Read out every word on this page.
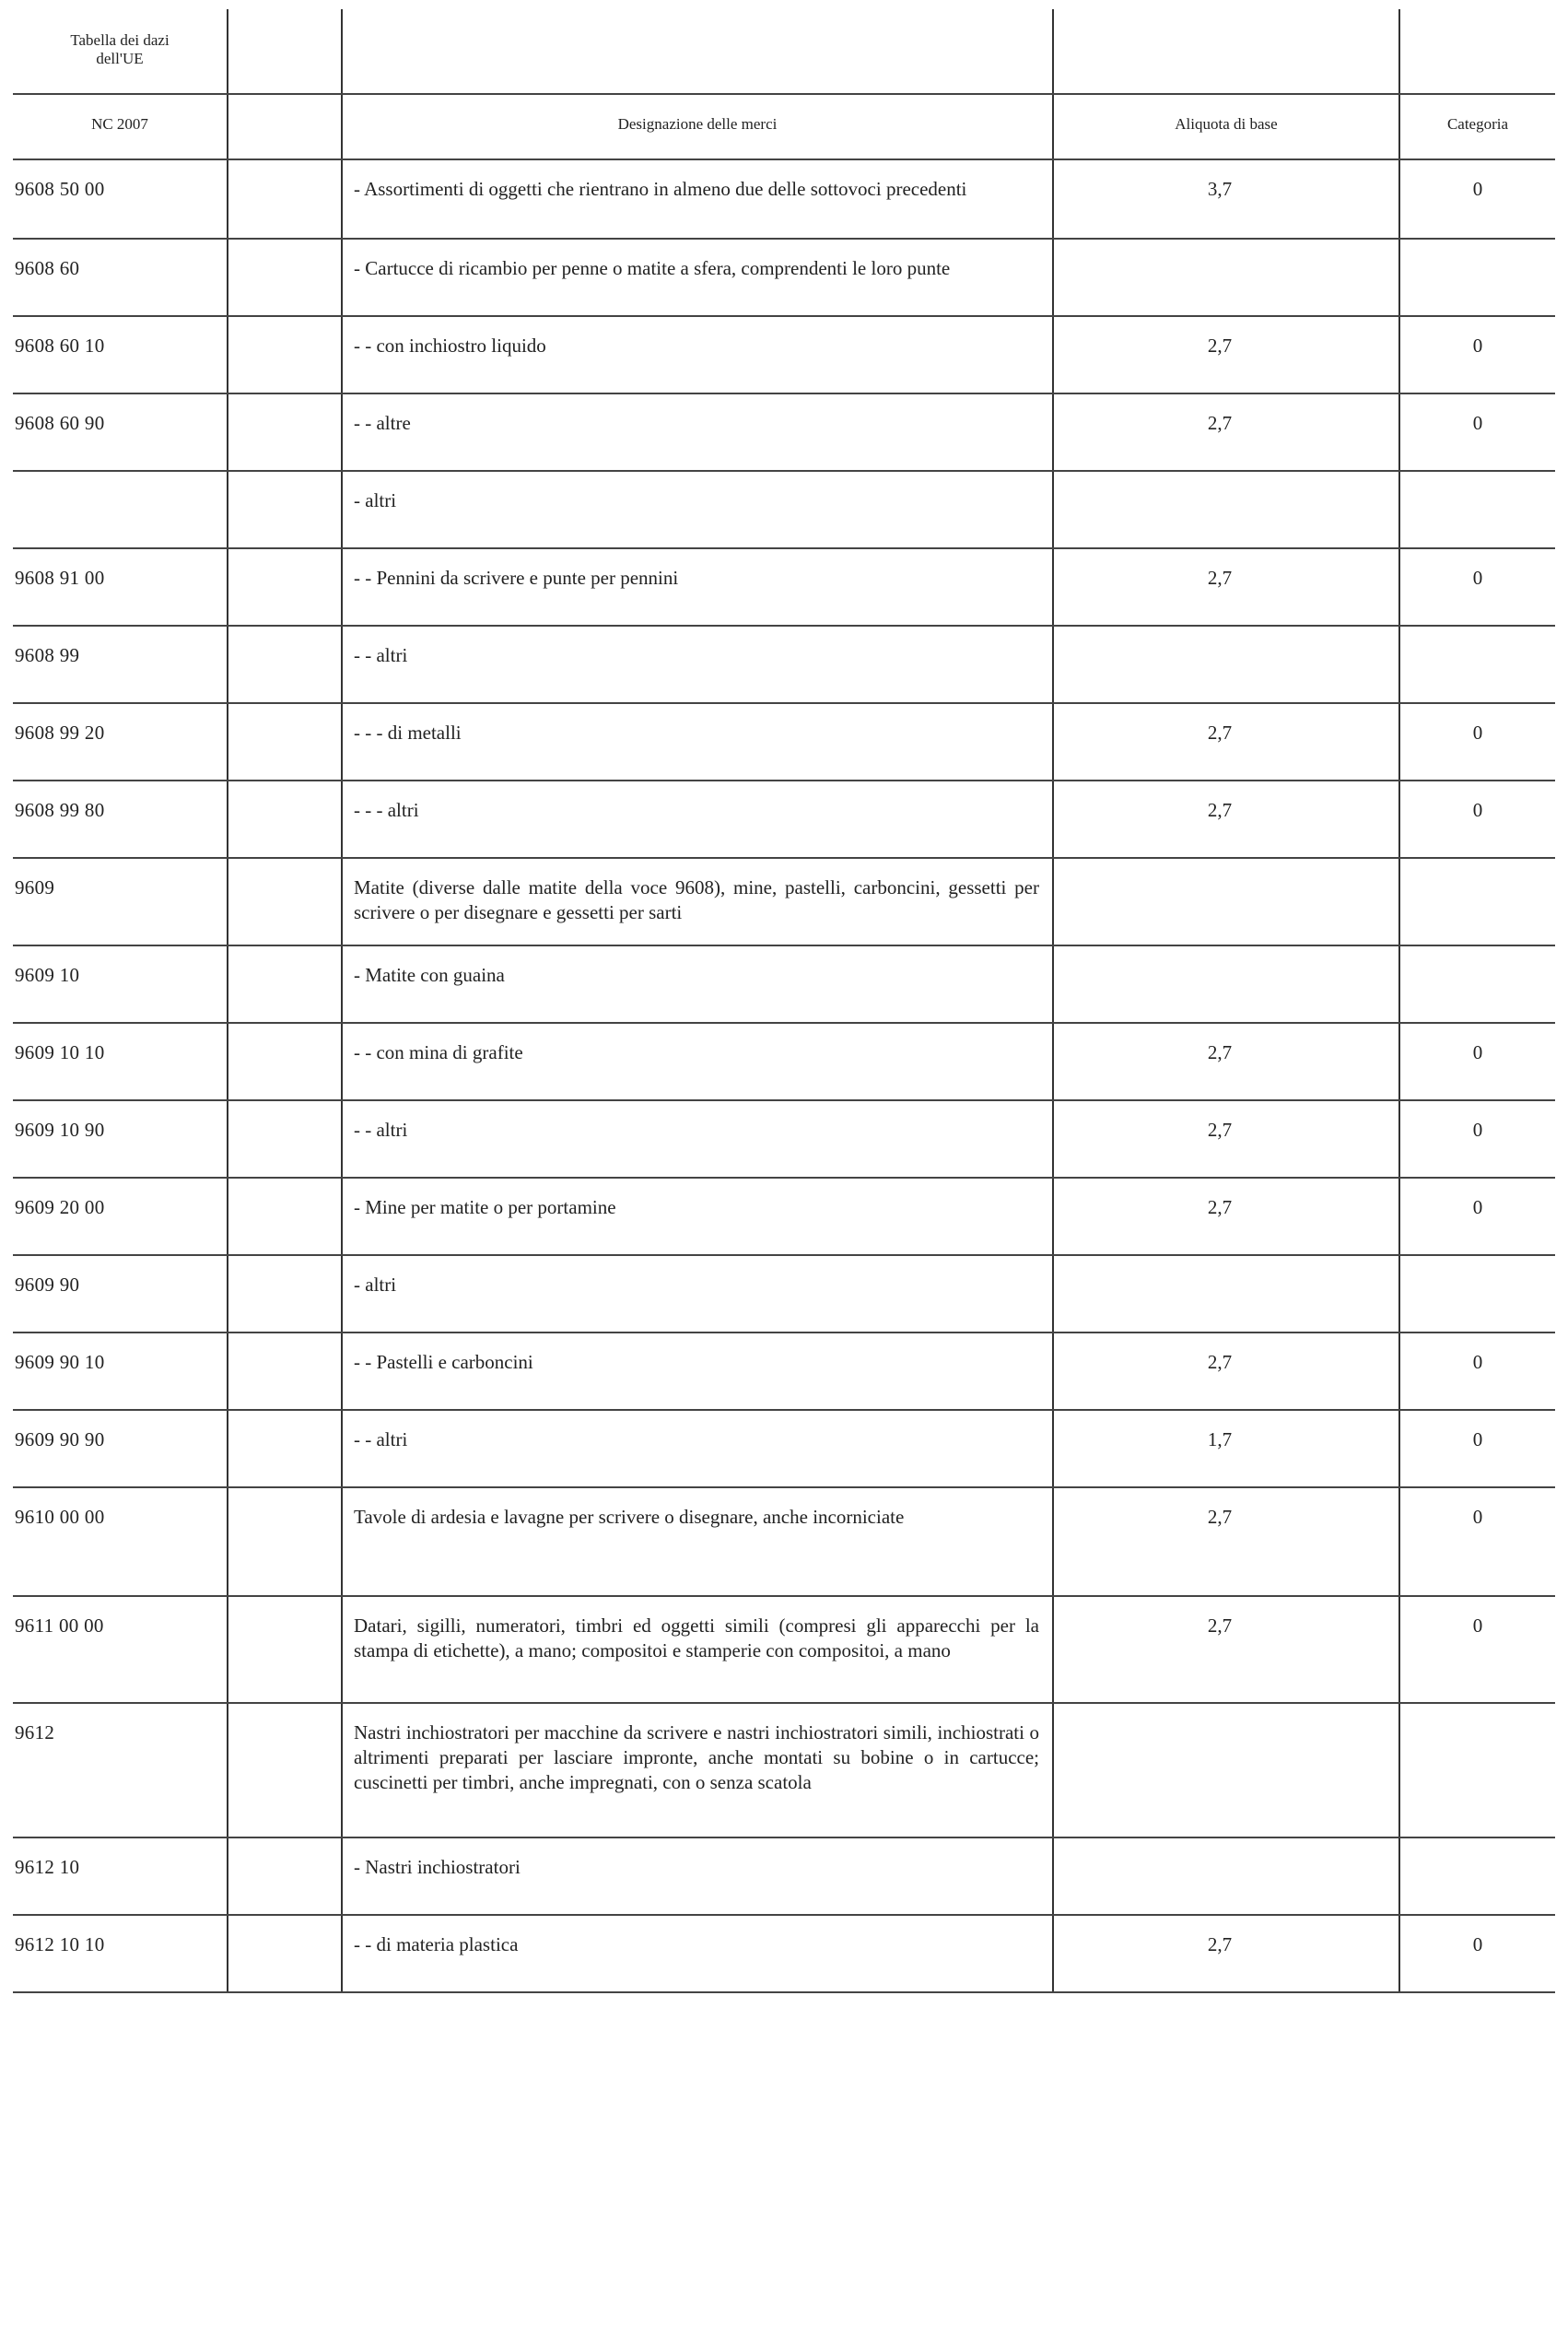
Tabella dei dazi dell'UE				

NC 2007		Designazione delle merci	Aliquota di base	Categoria

9608 50 00		- Assortimenti di oggetti che rientrano in almeno due delle sottovoci precedenti	3,7	0

9608 60		- Cartucce di ricambio per penne o matite a sfera, comprendenti le loro punte		

9608 60 10		- - con inchiostro liquido	2,7	0

9608 60 90		- - altre	2,7	0

		- altri		

9608 91 00		- - Pennini da scrivere e punte per pennini	2,7	0

9608 99		- - altri		

9608 99 20		- - - di metalli	2,7	0

9608 99 80		- - - altri	2,7	0

9609		Matite (diverse dalle matite della voce 9608), mine, pastelli, carboncini, gessetti per scrivere o per disegnare e gessetti per sarti		

9609 10		- Matite con guaina		

9609 10 10		- - con mina di grafite	2,7	0

9609 10 90		- - altri	2,7	0

9609 20 00		- Mine per matite o per portamine	2,7	0

9609 90		- altri		

9609 90 10		- - Pastelli e carboncini	2,7	0

9609 90 90		- - altri	1,7	0

9610 00 00		Tavole di ardesia e lavagne per scrivere o disegnare, anche incorniciate	2,7	0

9611 00 00		Datari, sigilli, numeratori, timbri ed oggetti simili (compresi gli apparecchi per la stampa di etichette), a mano; compositoi e stamperie con compositoi, a mano	2,7	0

9612		Nastri inchiostratori per macchine da scrivere e nastri inchiostratori simili, inchiostrati o altrimenti preparati per lasciare impronte, anche montati su bobine o in cartucce; cuscinetti per timbri, anche impregnati, con o senza scatola		

9612 10		- Nastri inchiostratori		

9612 10 10		- - di materia plastica	2,7	0
